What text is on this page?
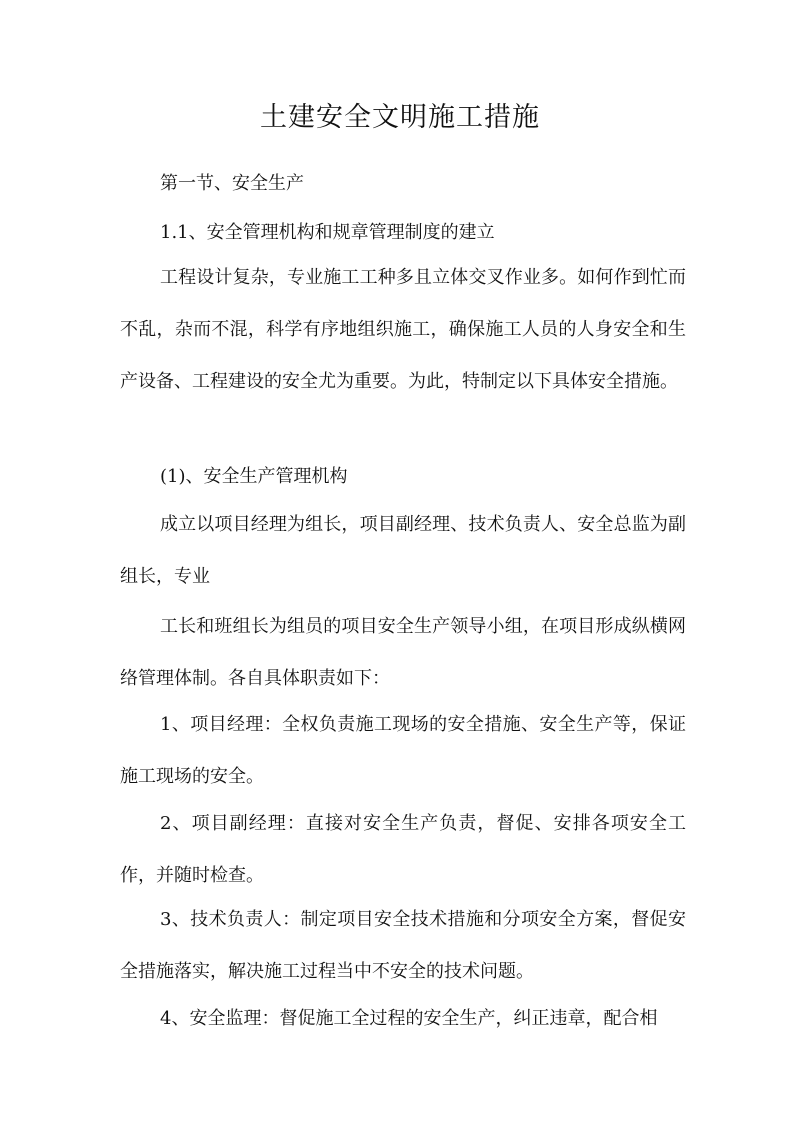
土建安全文明施工措施

第一节、安全生产

1.1、安全管理机构和规章管理制度的建立

工程设计复杂，专业施工工种多且立体交叉作业多。如何作到忙而不乱，杂而不混，科学有序地组织施工，确保施工人员的人身安全和生产设备、工程建设的安全尤为重要。为此，特制定以下具体安全措施。

(1)、安全生产管理机构

成立以项目经理为组长，项目副经理、技术负责人、安全总监为副组长，专业

工长和班组长为组员的项目安全生产领导小组，在项目形成纵横网络管理体制。各自具体职责如下：

1、项目经理：全权负责施工现场的安全措施、安全生产等，保证施工现场的安全。

2、项目副经理：直接对安全生产负责，督促、安排各项安全工作，并随时检查。

3、技术负责人：制定项目安全技术措施和分项安全方案，督促安全措施落实，解决施工过程当中不安全的技术问题。

4、安全监理：督促施工全过程的安全生产，纠正违章，配合相
